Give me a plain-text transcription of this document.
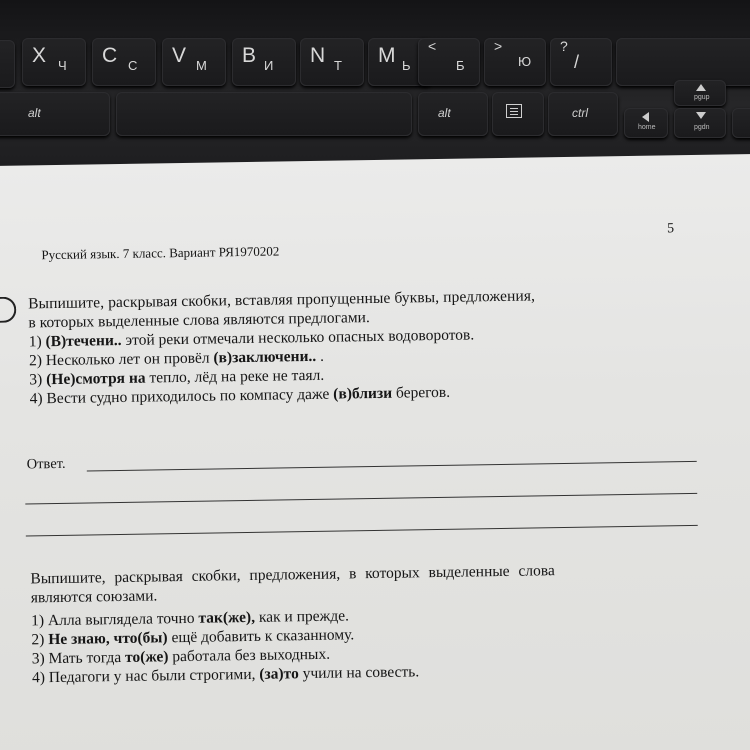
X Ч C С V М B И N Т M Ь
<
Б
>
Ю
?
/
alt	alt	ctrl
home
pgup
pgdn
Русский язык. 7 класс. Вариант РЯ1970202
5

Выпишите, раскрывая скобки, вставляя пропущенные буквы, предложения,

в которых выделенные слова являются предлогами.

1) (В)течени.. этой реки отмечали несколько опасных водоворотов.
2) Несколько лет он провёл (в)заключени.. .
3) (Не)смотря на тепло, лёд на реке не таял.
4) Вести судно приходилось по компасу даже (в)близи берегов.
Ответ.

Выпишите, раскрывая скобки, предложения, в которых выделенные слова

являются союзами.

1) Алла выглядела точно так(же), как и прежде.
2) Не знаю, что(бы) ещё добавить к сказанному.
3) Мать тогда то(же) работала без выходных.
4) Педагоги у нас были строгими, (за)то учили на совесть.
